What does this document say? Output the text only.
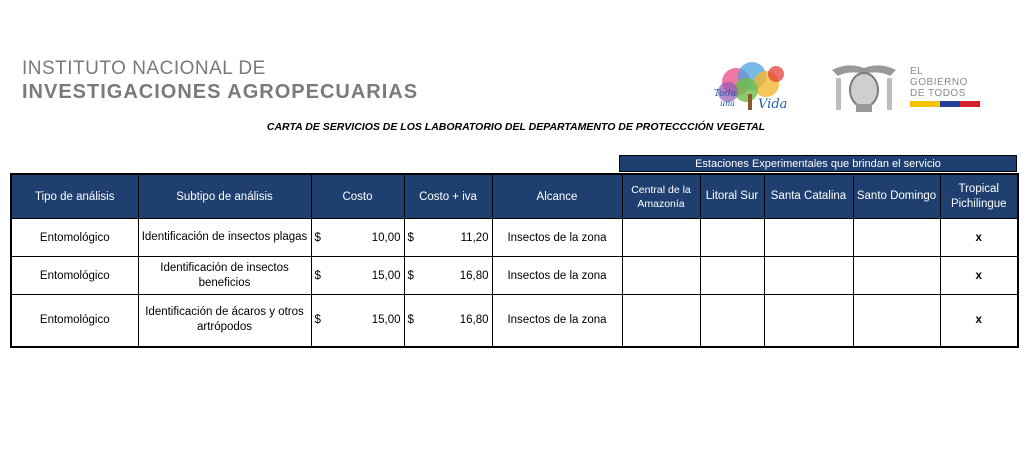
INSTITUTO NACIONAL DE
INVESTIGACIONES AGROPECUARIAS	Toda
una Vida
EL
GOBIERNO
DE TODOS
CARTA DE SERVICIOS DE LOS LABORATORIO DEL DEPARTAMENTO DE PROTECCCIÓN VEGETAL
Estaciones Experimentales que brindan el servicio
Tipo de análisis	Subtipo de análisis	Costo	Costo + iva	Alcance	Central de la Amazonía	Litoral Sur	Santa Catalina	Santo Domingo	Tropical Pichilingue
Entomológico	Identificación de insectos plagas	$ 10,00	$ 11,20	Insectos de la zona					x
Entomológico	Identificación de insectos beneficios	$ 15,00	$ 16,80	Insectos de la zona					x
Entomológico	Identificación de ácaros y otros artrópodos	$ 15,00	$ 16,80	Insectos de la zona					x
